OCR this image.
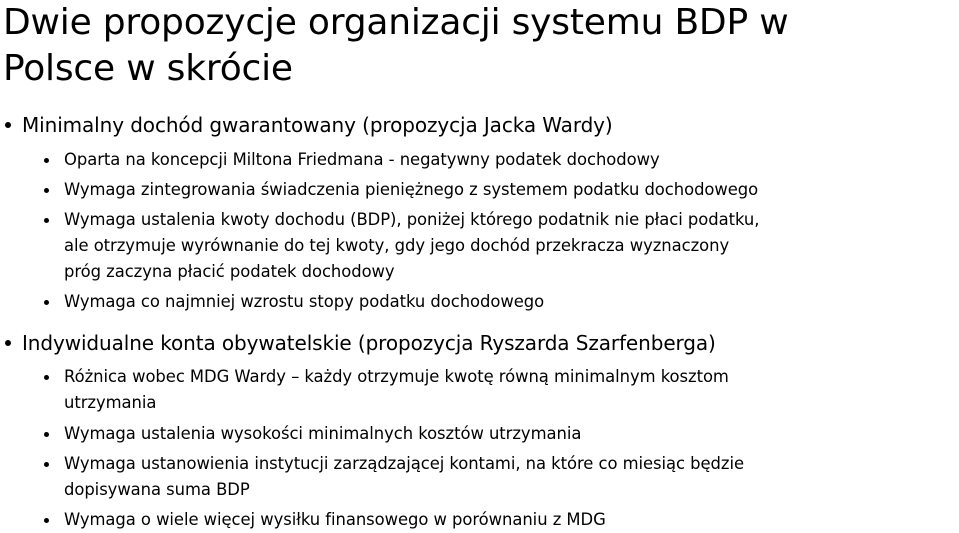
Dwie propozycje organizacji systemu BDP w
Polsce w skrócie
Minimalny dochód gwarantowany (propozycja Jacka Wardy)
Oparta na koncepcji Miltona Friedmana - negatywny podatek dochodowy
Wymaga zintegrowania świadczenia pieniężnego z systemem podatku dochodowego
Wymaga ustalenia kwoty dochodu (BDP), poniżej którego podatnik nie płaci podatku,
ale otrzymuje wyrównanie do tej kwoty, gdy jego dochód przekracza wyznaczony
próg zaczyna płacić podatek dochodowy
Wymaga co najmniej wzrostu stopy podatku dochodowego
Indywidualne konta obywatelskie (propozycja Ryszarda Szarfenberga)
Różnica wobec MDG Wardy – każdy otrzymuje kwotę równą minimalnym kosztom
utrzymania
Wymaga ustalenia wysokości minimalnych kosztów utrzymania
Wymaga ustanowienia instytucji zarządzającej kontami, na które co miesiąc będzie
dopisywana suma BDP
Wymaga o wiele więcej wysiłku finansowego w porównaniu z MDG
